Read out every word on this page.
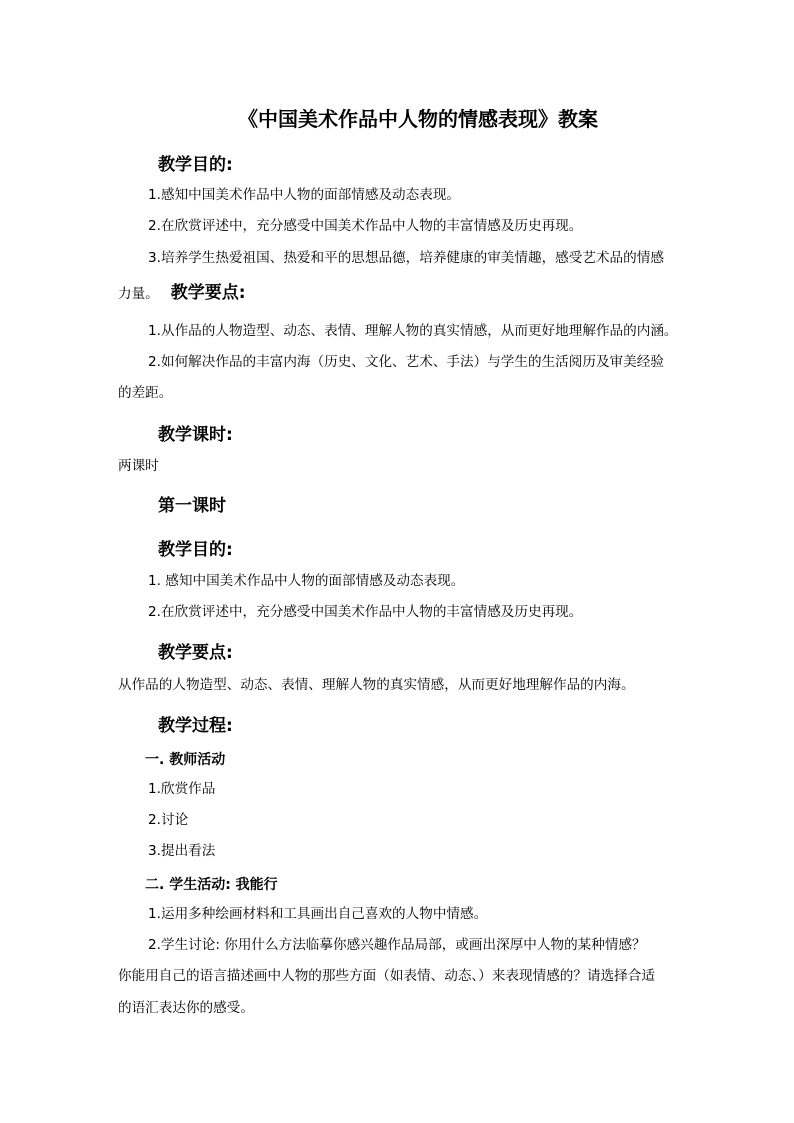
《中国美术作品中人物的情感表现》教案
教学目的:

1.感知中国美术作品中人物的面部情感及动态表现。

2.在欣赏评述中，充分感受中国美术作品中人物的丰富情感及历史再现。

3.培养学生热爱祖国、热爱和平的思想品德，培养健康的审美情趣，感受艺术品的情感

力量。 教学要点:

1.从作品的人物造型、动态、表情、理解人物的真实情感，从而更好地理解作品的内涵。

2.如何解决作品的丰富内海（历史、文化、艺术、手法）与学生的生活阅历及审美经验

的差距。

教学课时:

两课时

第一课时
教学目的:

1. 感知中国美术作品中人物的面部情感及动态表现。

2.在欣赏评述中，充分感受中国美术作品中人物的丰富情感及历史再现。

教学要点:

从作品的人物造型、动态、表情、理解人物的真实情感，从而更好地理解作品的内海。

教学过程:
一. 教师活动

1.欣赏作品

2.讨论

3.提出看法

二. 学生活动: 我能行

1.运用多种绘画材料和工具画出自己喜欢的人物中情感。

2.学生讨论: 你用什么方法临摹你感兴趣作品局部，或画出深厚中人物的某种情感？

你能用自己的语言描述画中人物的那些方面（如表情、动态、）来表现情感的？请选择合适

的语汇表达你的感受。
